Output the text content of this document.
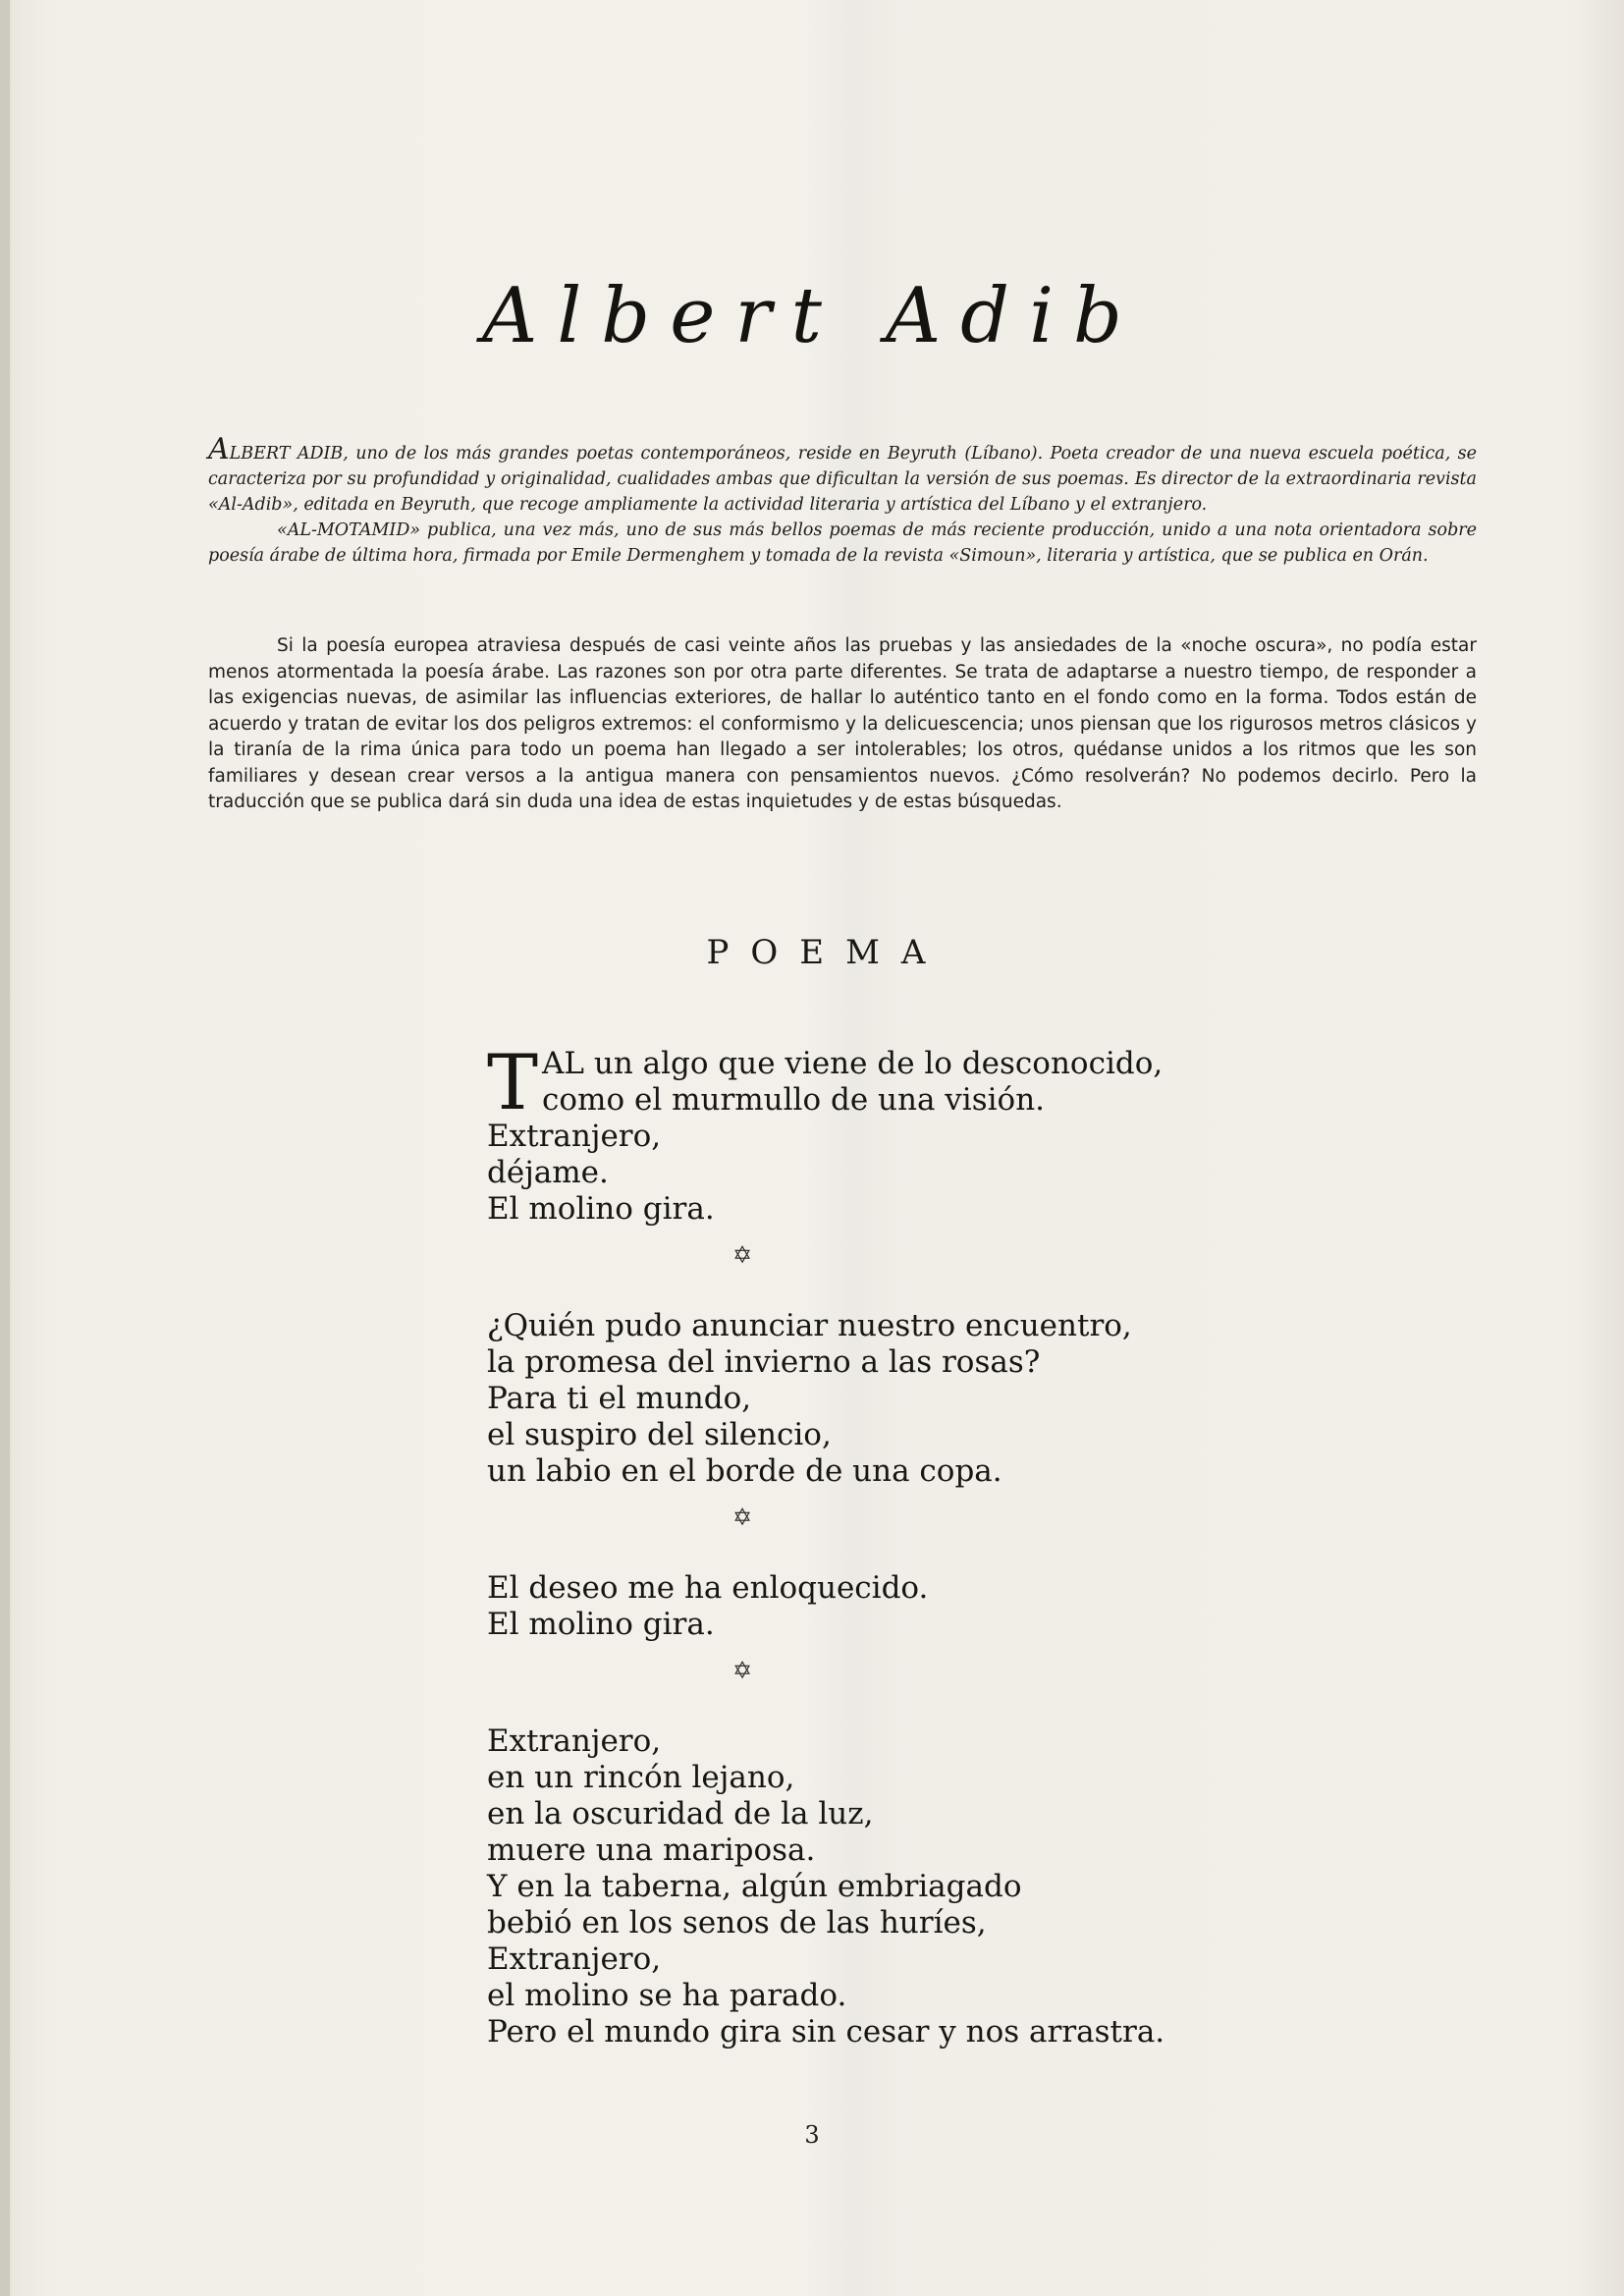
Albert Adib

ALBERT ADIB, uno de los más grandes poetas contemporáneos, reside en Beyruth (Líbano). Poeta creador de una nueva escuela poética, se caracteriza por su profundidad y originalidad, cualidades ambas que dificultan la versión de sus poemas. Es director de la extraordinaria revista «Al-Adib», editada en Beyruth, que recoge ampliamente la actividad literaria y artística del Líbano y el extranjero.

«AL-MOTAMID» publica, una vez más, uno de sus más bellos poemas de más reciente producción, unido a una nota orientadora sobre poesía árabe de última hora, firmada por Emile Dermenghem y tomada de la revista «Simoun», literaria y artística, que se publica en Orán.

Si la poesía europea atraviesa después de casi veinte años las pruebas y las ansiedades de la «noche oscura», no podía estar menos atormentada la poesía árabe. Las razones son por otra parte diferentes. Se trata de adaptarse a nuestro tiempo, de responder a las exigencias nuevas, de asimilar las influencias exteriores, de hallar lo auténtico tanto en el fondo como en la forma. Todos están de acuerdo y tratan de evitar los dos peligros extremos: el conformismo y la delicuescencia; unos piensan que los rigurosos metros clásicos y la tiranía de la rima única para todo un poema han llegado a ser intolerables; los otros, quédanse unidos a los ritmos que les son familiares y desean crear versos a la antigua manera con pensamientos nuevos. ¿Cómo resolverán? No podemos decirlo. Pero la traducción que se publica dará sin duda una idea de estas inquietudes y de estas búsquedas.

POEMA
T AL un algo que viene de lo desconocido,
como el murmullo de una visión.
Extranjero,
déjame.
El molino gira.
✡
¿Quién pudo anunciar nuestro encuentro,
la promesa del invierno a las rosas?
Para ti el mundo,
el suspiro del silencio,
un labio en el borde de una copa.
✡
El deseo me ha enloquecido.
El molino gira.
✡
Extranjero,
en un rincón lejano,
en la oscuridad de la luz,
muere una mariposa.
Y en la taberna, algún embriagado
bebió en los senos de las huríes,
Extranjero,
el molino se ha parado.
Pero el mundo gira sin cesar y nos arrastra.
3
